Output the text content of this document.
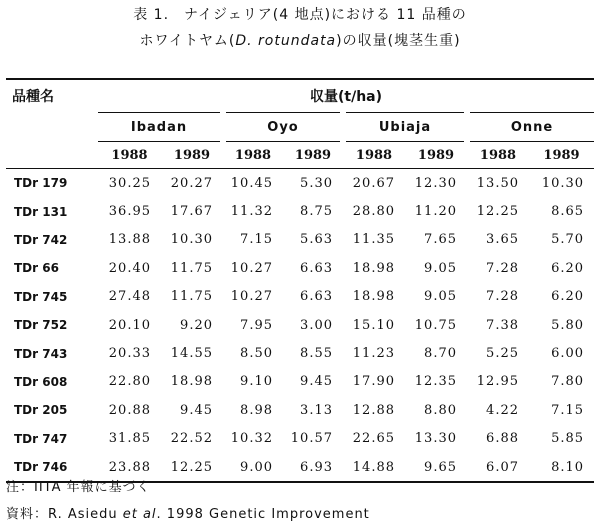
表 1.　ナイジェリア(4 地点)における 11 品種の
ホワイトヤム(D. rotundata)の収量(塊茎生重)
品種名	収量(t/ha)							
	Ibadan		Oyo		Ubiaja		Onne	
	1988	1989	1988	1989	1988	1989	1988	1989
TDr 179	30.25	20.27	10.45	5.30	20.67	12.30	13.50	10.30
TDr 131	36.95	17.67	11.32	8.75	28.80	11.20	12.25	8.65
TDr 742	13.88	10.30	7.15	5.63	11.35	7.65	3.65	5.70
TDr 66	20.40	11.75	10.27	6.63	18.98	9.05	7.28	6.20
TDr 745	27.48	11.75	10.27	6.63	18.98	9.05	7.28	6.20
TDr 752	20.10	9.20	7.95	3.00	15.10	10.75	7.38	5.80
TDr 743	20.33	14.55	8.50	8.55	11.23	8.70	5.25	6.00
TDr 608	22.80	18.98	9.10	9.45	17.90	12.35	12.95	7.80
TDr 205	20.88	9.45	8.98	3.13	12.88	8.80	4.22	7.15
TDr 747	31.85	22.52	10.32	10.57	22.65	13.30	6.88	5.85
TDr 746	23.88	12.25	9.00	6.93	14.88	9.65	6.07	8.10
注：IITA 年報に基づく
資料：R. Asiedu et al. 1998 Genetic Improvement
